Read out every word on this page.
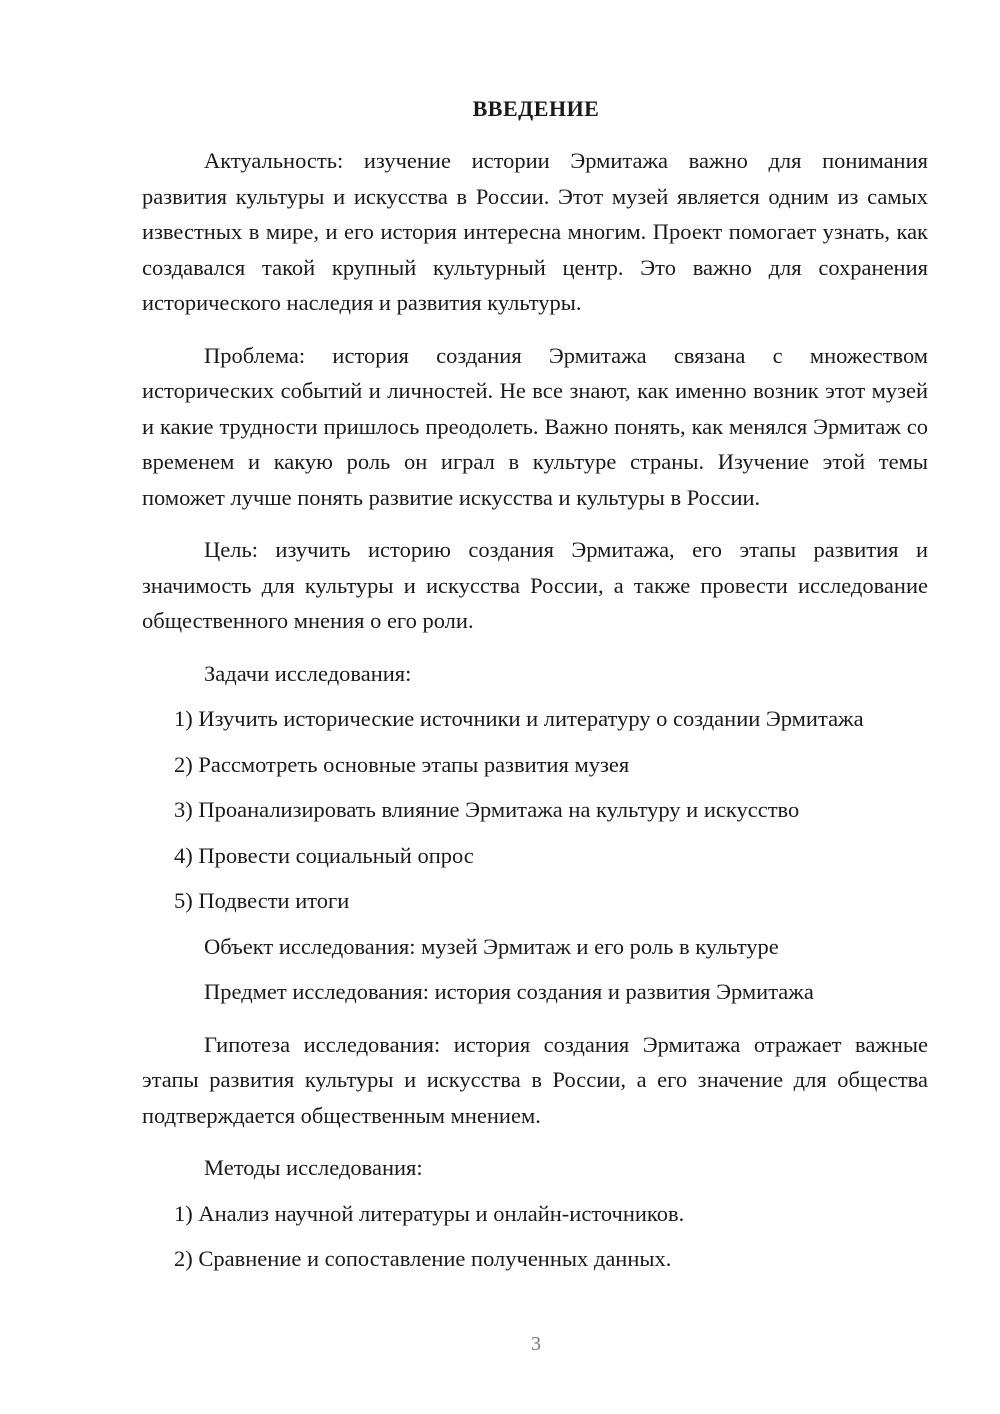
ВВЕДЕНИЕ

Актуальность: изучение истории Эрмитажа важно для понимания развития культуры и искусства в России. Этот музей является одним из самых известных в мире, и его история интересна многим. Проект помогает узнать, как создавался такой крупный культурный центр. Это важно для сохранения исторического наследия и развития культуры.

Проблема: история создания Эрмитажа связана с множеством исторических событий и личностей. Не все знают, как именно возник этот музей и какие трудности пришлось преодолеть. Важно понять, как менялся Эрмитаж со временем и какую роль он играл в культуре страны. Изучение этой темы поможет лучше понять развитие искусства и культуры в России.

Цель: изучить историю создания Эрмитажа, его этапы развития и значимость для культуры и искусства России, а также провести исследование общественного мнения о его роли.

Задачи исследования:

1) Изучить исторические источники и литературу о создании Эрмитажа

2) Рассмотреть основные этапы развития музея

3) Проанализировать влияние Эрмитажа на культуру и искусство

4) Провести социальный опрос

5) Подвести итоги

Объект исследования: музей Эрмитаж и его роль в культуре

Предмет исследования: история создания и развития Эрмитажа

Гипотеза исследования: история создания Эрмитажа отражает важные этапы развития культуры и искусства в России, а его значение для общества подтверждается общественным мнением.

Методы исследования:

1) Анализ научной литературы и онлайн-источников.

2) Сравнение и сопоставление полученных данных.

3
